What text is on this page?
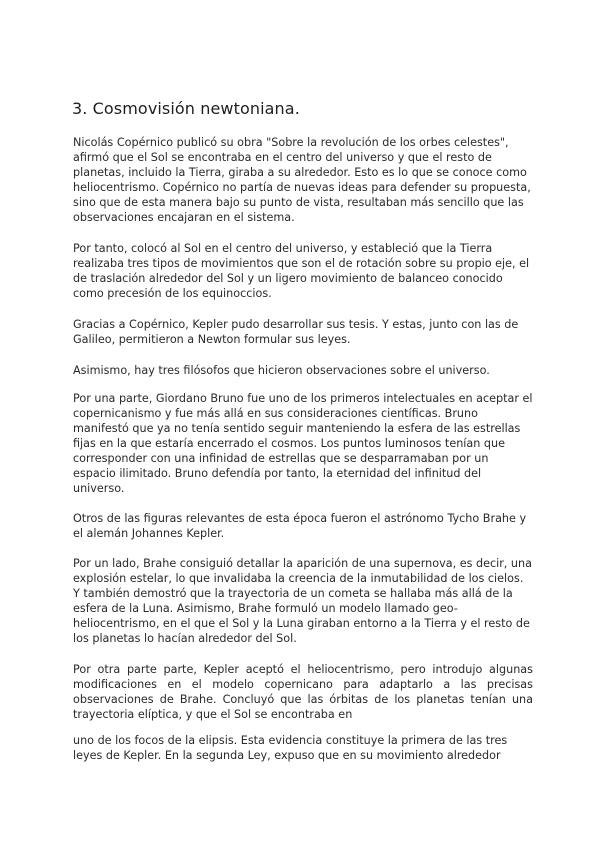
3. Cosmovisión newtoniana.

Nicolás Copérnico publicó su obra "Sobre la revolución de los orbes celestes", afirmó que el Sol se encontraba en el centro del universo y que el resto de planetas, incluido la Tierra, giraba a su alrededor. Esto es lo que se conoce como heliocentrismo. Copérnico no partía de nuevas ideas para defender su propuesta, sino que de esta manera bajo su punto de vista, resultaban más sencillo que las observaciones encajaran en el sistema.

Por tanto, colocó al Sol en el centro del universo, y estableció que la Tierra realizaba tres tipos de movimientos que son el de rotación sobre su propio eje, el de traslación alrededor del Sol y un ligero movimiento de balanceo conocido como precesión de los equinoccios.

Gracias a Copérnico, Kepler pudo desarrollar sus tesis. Y estas, junto con las de Galileo, permitieron a Newton formular sus leyes.

Asimismo, hay tres filósofos que hicieron observaciones sobre el universo.

Por una parte, Giordano Bruno fue uno de los primeros intelectuales en aceptar el copernicanismo y fue más allá en sus consideraciones científicas. Bruno manifestó que ya no tenía sentido seguir manteniendo la esfera de las estrellas fijas en la que estaría encerrado el cosmos. Los puntos luminosos tenían que corresponder con una infinidad de estrellas que se desparramaban por un espacio ilimitado. Bruno defendía por tanto, la eternidad del infinitud del universo.

Otros de las figuras relevantes de esta época fueron el astrónomo Tycho Brahe y el alemán Johannes Kepler.

Por un lado, Brahe consiguió detallar la aparición de una supernova, es decir, una explosión estelar, lo que invalidaba la creencia de la inmutabilidad de los cielos. Y también demostró que la trayectoria de un cometa se hallaba más allá de la esfera de la Luna. Asimismo, Brahe formuló un modelo llamado geo-heliocentrismo, en el que el Sol y la Luna giraban entorno a la Tierra y el resto de los planetas lo hacían alrededor del Sol.

Por otra parte parte, Kepler aceptó el heliocentrismo, pero introdujo algunas modificaciones en el modelo copernicano para adaptarlo a las precisas observaciones de Brahe. Concluyó que las órbitas de los planetas tenían una trayectoria elíptica, y que el Sol se encontraba en

uno de los focos de la elipsis. Esta evidencia constituye la primera de las tres leyes de Kepler. En la segunda Ley, expuso que en su movimiento alrededor
